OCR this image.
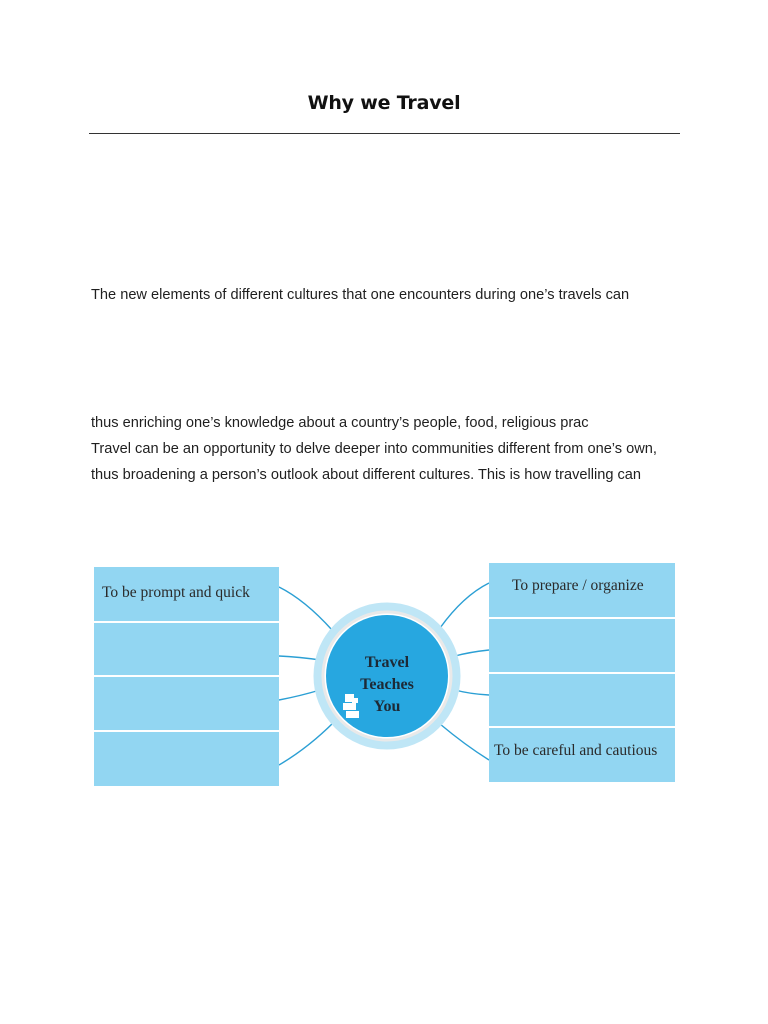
Why we Travel
The new elements of different cultures that one encounters during one’s travels can
thus enriching one’s knowledge about a country’s people, food, religious prac
Travel can be an opportunity to delve deeper into communities different from one’s own,
thus broadening a person’s outlook about different cultures. This is how travelling can
To be prompt and quick	To prepare / organize
To be careful and cautious
Travel
Teaches
You
